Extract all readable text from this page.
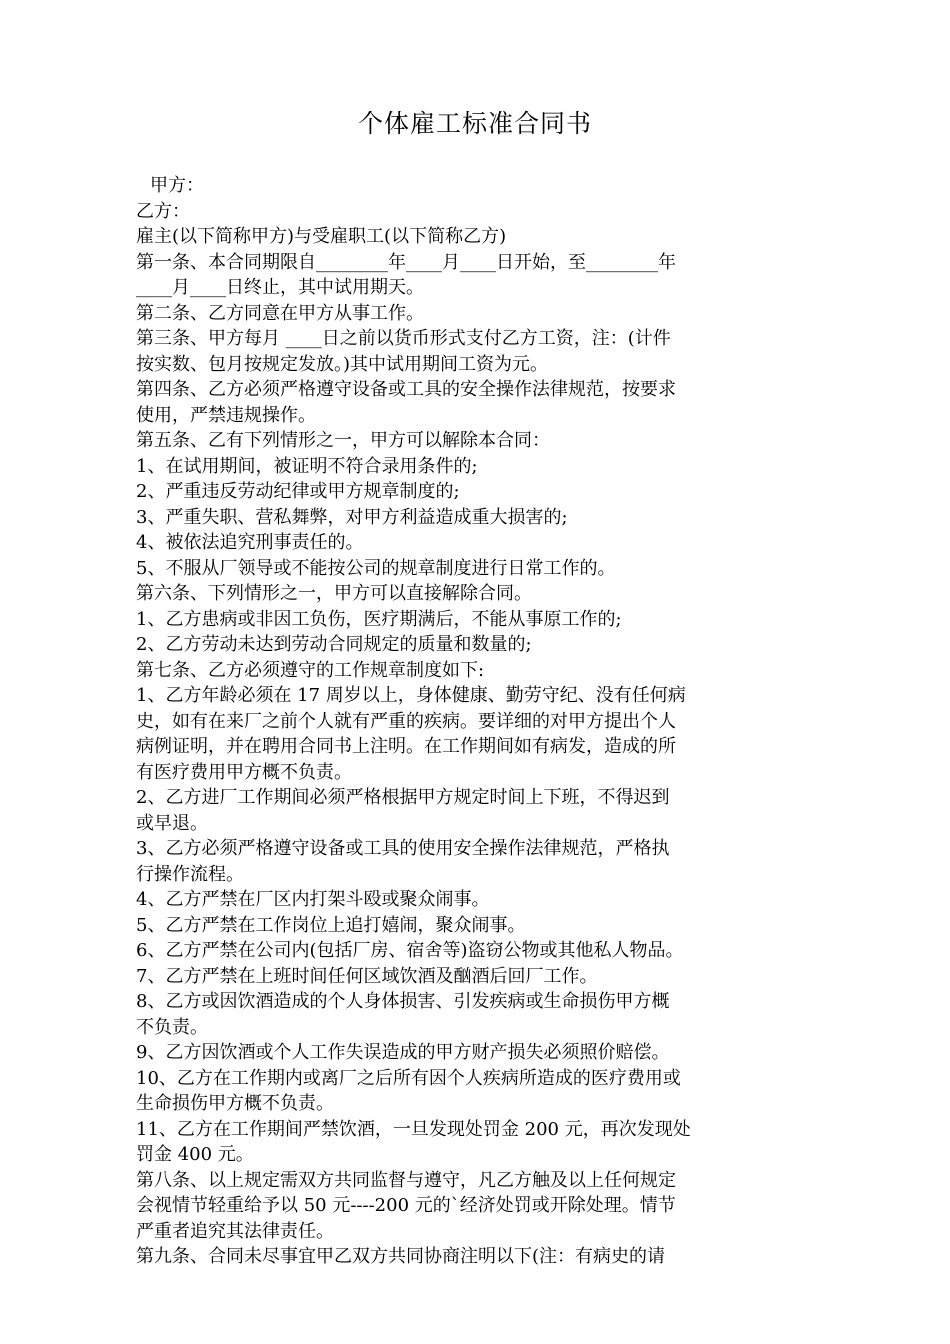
个体雇工标准合同书
甲方：
乙方：
雇主(以下简称甲方)与受雇职工(以下简称乙方)
第一条、本合同期限自________年____月____日开始，至________年
____月____日终止，其中试用期天。
第二条、乙方同意在甲方从事工作。
第三条、甲方每月 ____日之前以货币形式支付乙方工资，注：(计件
按实数、包月按规定发放。)其中试用期间工资为元。
第四条、乙方必须严格遵守设备或工具的安全操作法律规范，按要求
使用，严禁违规操作。
第五条、乙有下列情形之一，甲方可以解除本合同：
1、在试用期间，被证明不符合录用条件的;
2、严重违反劳动纪律或甲方规章制度的;
3、严重失职、营私舞弊，对甲方利益造成重大损害的;
4、被依法追究刑事责任的。
5、不服从厂领导或不能按公司的规章制度进行日常工作的。
第六条、下列情形之一，甲方可以直接解除合同。
1、乙方患病或非因工负伤，医疗期满后，不能从事原工作的;
2、乙方劳动未达到劳动合同规定的质量和数量的;
第七条、乙方必须遵守的工作规章制度如下:
1、乙方年龄必须在 17 周岁以上，身体健康、勤劳守纪、没有任何病
史，如有在来厂之前个人就有严重的疾病。要详细的对甲方提出个人
病例证明，并在聘用合同书上注明。在工作期间如有病发，造成的所
有医疗费用甲方概不负责。
2、乙方进厂工作期间必须严格根据甲方规定时间上下班，不得迟到
或早退。
3、乙方必须严格遵守设备或工具的使用安全操作法律规范，严格执
行操作流程。
4、乙方严禁在厂区内打架斗殴或聚众闹事。
5、乙方严禁在工作岗位上追打嬉闹，聚众闹事。
6、乙方严禁在公司内(包括厂房、宿舍等)盗窃公物或其他私人物品。
7、乙方严禁在上班时间任何区域饮酒及酗酒后回厂工作。
8、乙方或因饮酒造成的个人身体损害、引发疾病或生命损伤甲方概
不负责。
9、乙方因饮酒或个人工作失误造成的甲方财产损失必须照价赔偿。
10、乙方在工作期内或离厂之后所有因个人疾病所造成的医疗费用或
生命损伤甲方概不负责。
11、乙方在工作期间严禁饮酒，一旦发现处罚金 200 元，再次发现处
罚金 400 元。
第八条、以上规定需双方共同监督与遵守，凡乙方触及以上任何规定
会视情节轻重给予以 50 元----200 元的`经济处罚或开除处理。情节
严重者追究其法律责任。
第九条、合同未尽事宜甲乙双方共同协商注明以下(注：有病史的请
